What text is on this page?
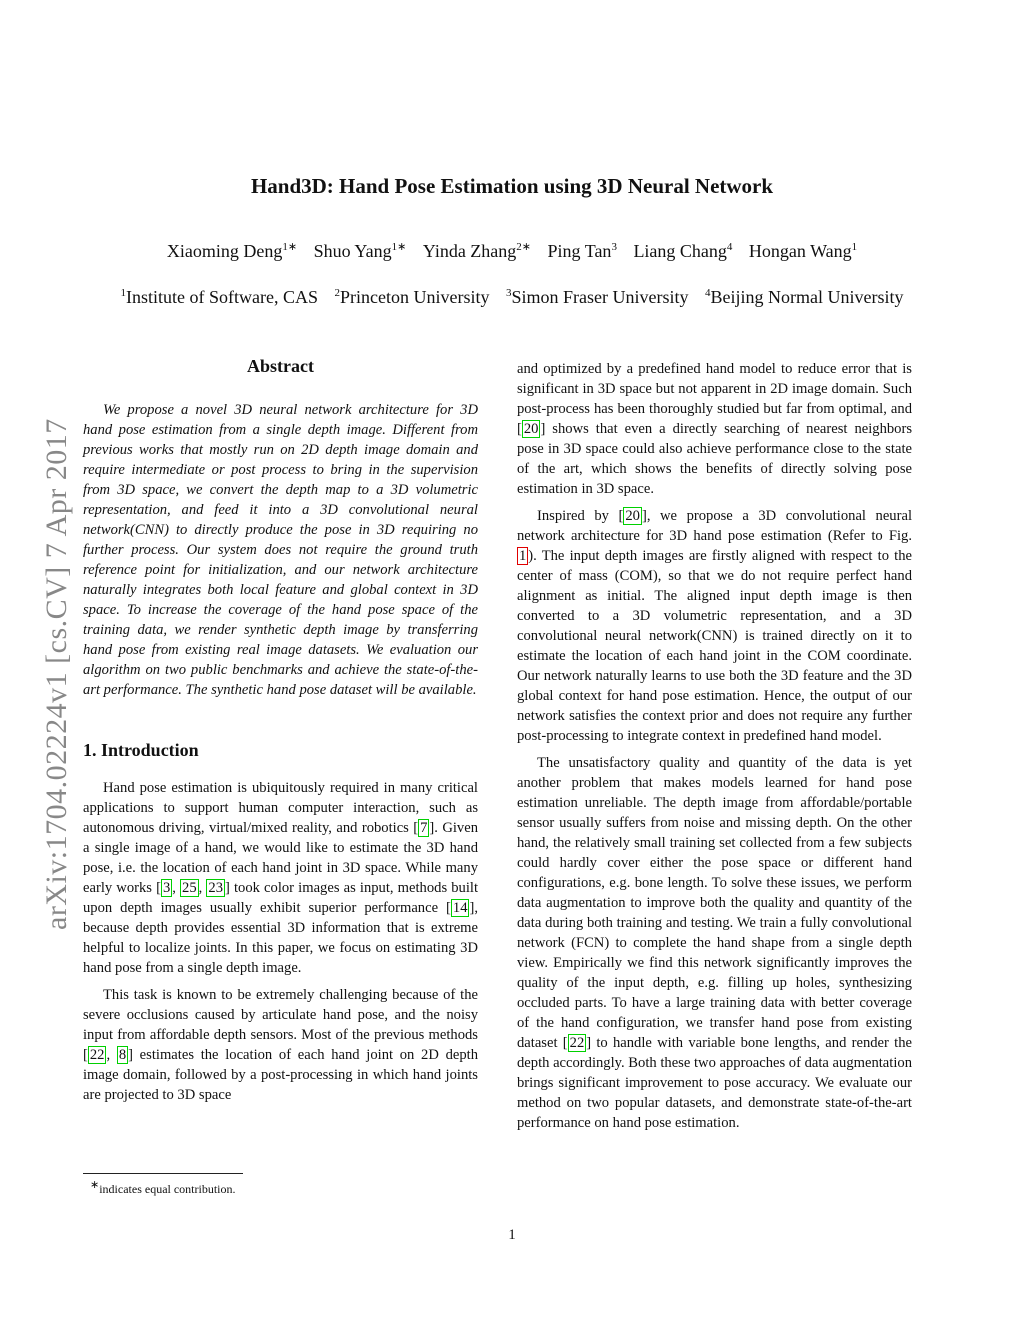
arXiv:1704.02224v1 [cs.CV] 7 Apr 2017
Hand3D: Hand Pose Estimation using 3D Neural Network
Xiaoming Deng$^{1∗}$ Shuo Yang$^{1∗}$ Yinda Zhang$^{2∗}$ Ping Tan$^3$ Liang Chang$^4$ Hongan Wang$^1$
$^1$Institute of Software, CAS $^2$Princeton University $^3$Simon Fraser University $^4$Beijing Normal University
Abstract

We propose a novel 3D neural network architecture for 3D hand pose estimation from a single depth image. Different from previous works that mostly run on 2D depth image domain and require intermediate or post process to bring in the supervision from 3D space, we convert the depth map to a 3D volumetric representation, and feed it into a 3D convolutional neural network(CNN) to directly produce the pose in 3D requiring no further process. Our system does not require the ground truth reference point for initialization, and our network architecture naturally integrates both local feature and global context in 3D space. To increase the coverage of the hand pose space of the training data, we render synthetic depth image by transferring hand pose from existing real image datasets. We evaluation our algorithm on two public benchmarks and achieve the state-of-the-art performance. The synthetic hand pose dataset will be available.

1. Introduction

Hand pose estimation is ubiquitously required in many critical applications to support human computer interaction, such as autonomous driving, virtual/mixed reality, and robotics [ 7 ]. Given a single image of a hand, we would like to estimate the 3D hand pose, i.e. the location of each hand joint in 3D space. While many early works [ 3 , 25 , 23 ] took color images as input, methods built upon depth images usually exhibit superior performance [ 14 ], because depth provides essential 3D information that is extreme helpful to localize joints. In this paper, we focus on estimating 3D hand pose from a single depth image.

This task is known to be extremely challenging because of the severe occlusions caused by articulate hand pose, and the noisy input from affordable depth sensors. Most of the previous methods [ 22 , 8 ] estimates the location of each hand joint on 2D depth image domain, followed by a post-processing in which hand joints are projected to 3D space

and optimized by a predefined hand model to reduce error that is significant in 3D space but not apparent in 2D image domain. Such post-process has been thoroughly studied but far from optimal, and [ 20 ] shows that even a directly searching of nearest neighbors pose in 3D space could also achieve performance close to the state of the art, which shows the benefits of directly solving pose estimation in 3D space.

Inspired by [ 20 ], we propose a 3D convolutional neural network architecture for 3D hand pose estimation (Refer to Fig. 1 ). The input depth images are firstly aligned with respect to the center of mass (COM), so that we do not require perfect hand alignment as initial. The aligned input depth image is then converted to a 3D volumetric representation, and a 3D convolutional neural network(CNN) is trained directly on it to estimate the location of each hand joint in the COM coordinate. Our network naturally learns to use both the 3D feature and the 3D global context for hand pose estimation. Hence, the output of our network satisfies the context prior and does not require any further post-processing to integrate context in predefined hand model.

The unsatisfactory quality and quantity of the data is yet another problem that makes models learned for hand pose estimation unreliable. The depth image from affordable/portable sensor usually suffers from noise and missing depth. On the other hand, the relatively small training set collected from a few subjects could hardly cover either the pose space or different hand configurations, e.g. bone length. To solve these issues, we perform data augmentation to improve both the quality and quantity of the data during both training and testing. We train a fully convolutional network (FCN) to complete the hand shape from a single depth view. Empirically we find this network significantly improves the quality of the input depth, e.g. filling up holes, synthesizing occluded parts. To have a large training data with better coverage of the hand configuration, we transfer hand pose from existing dataset [ 22 ] to handle with variable bone lengths, and render the depth accordingly. Both these two approaches of data augmentation brings significant improvement to pose accuracy. We evaluate our method on two popular datasets, and demonstrate state-of-the-art performance on hand pose estimation.

∗indicates equal contribution.
1
